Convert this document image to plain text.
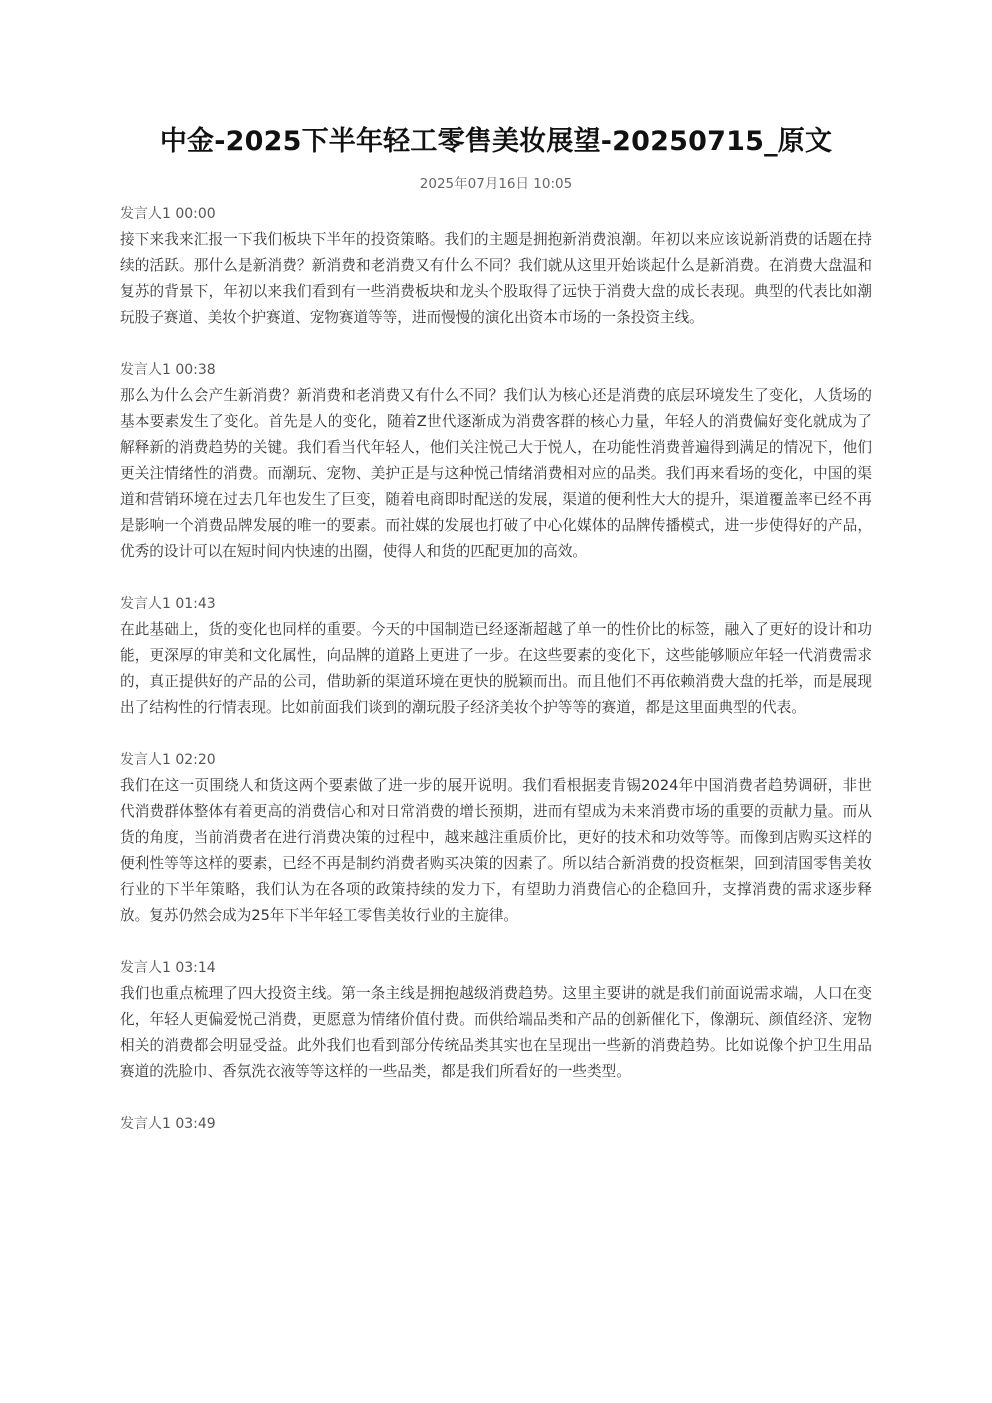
中金-2025下半年轻工零售美妆展望-20250715_原文
2025年07月16日 10:05
发言人1 00:00
接下来我来汇报一下我们板块下半年的投资策略。我们的主题是拥抱新消费浪潮。年初以来应该说新消费的话题在持续的活跃。那什么是新消费？新消费和老消费又有什么不同？我们就从这里开始谈起什么是新消费。在消费大盘温和复苏的背景下，年初以来我们看到有一些消费板块和龙头个股取得了远快于消费大盘的成长表现。典型的代表比如潮玩股子赛道、美妆个护赛道、宠物赛道等等，进而慢慢的演化出资本市场的一条投资主线。
发言人1 00:38
那么为什么会产生新消费？新消费和老消费又有什么不同？我们认为核心还是消费的底层环境发生了变化，人货场的基本要素发生了变化。首先是人的变化，随着Z世代逐渐成为消费客群的核心力量，年轻人的消费偏好变化就成为了解释新的消费趋势的关键。我们看当代年轻人，他们关注悦己大于悦人，在功能性消费普遍得到满足的情况下，他们更关注情绪性的消费。而潮玩、宠物、美护正是与这种悦己情绪消费相对应的品类。我们再来看场的变化，中国的渠道和营销环境在过去几年也发生了巨变，随着电商即时配送的发展，渠道的便利性大大的提升，渠道覆盖率已经不再是影响一个消费品牌发展的唯一的要素。而社媒的发展也打破了中心化媒体的品牌传播模式，进一步使得好的产品，优秀的设计可以在短时间内快速的出圈，使得人和货的匹配更加的高效。
发言人1 01:43
在此基础上，货的变化也同样的重要。今天的中国制造已经逐渐超越了单一的性价比的标签，融入了更好的设计和功能，更深厚的审美和文化属性，向品牌的道路上更进了一步。在这些要素的变化下，这些能够顺应年轻一代消费需求的，真正提供好的产品的公司，借助新的渠道环境在更快的脱颖而出。而且他们不再依赖消费大盘的托举，而是展现出了结构性的行情表现。比如前面我们谈到的潮玩股子经济美妆个护等等的赛道，都是这里面典型的代表。
发言人1 02:20
我们在这一页围绕人和货这两个要素做了进一步的展开说明。我们看根据麦肯锡2024年中国消费者趋势调研，非世代消费群体整体有着更高的消费信心和对日常消费的增长预期，进而有望成为未来消费市场的重要的贡献力量。而从货的角度，当前消费者在进行消费决策的过程中，越来越注重质价比，更好的技术和功效等等。而像到店购买这样的便利性等等这样的要素，已经不再是制约消费者购买决策的因素了。所以结合新消费的投资框架，回到清国零售美妆行业的下半年策略，我们认为在各项的政策持续的发力下，有望助力消费信心的企稳回升，支撑消费的需求逐步释放。复苏仍然会成为25年下半年轻工零售美妆行业的主旋律。
发言人1 03:14
我们也重点梳理了四大投资主线。第一条主线是拥抱越级消费趋势。这里主要讲的就是我们前面说需求端，人口在变化，年轻人更偏爱悦己消费，更愿意为情绪价值付费。而供给端品类和产品的创新催化下，像潮玩、颜值经济、宠物相关的消费都会明显受益。此外我们也看到部分传统品类其实也在呈现出一些新的消费趋势。比如说像个护卫生用品赛道的洗脸巾、香氛洗衣液等等这样的一些品类，都是我们所看好的一些类型。
发言人1 03:49
